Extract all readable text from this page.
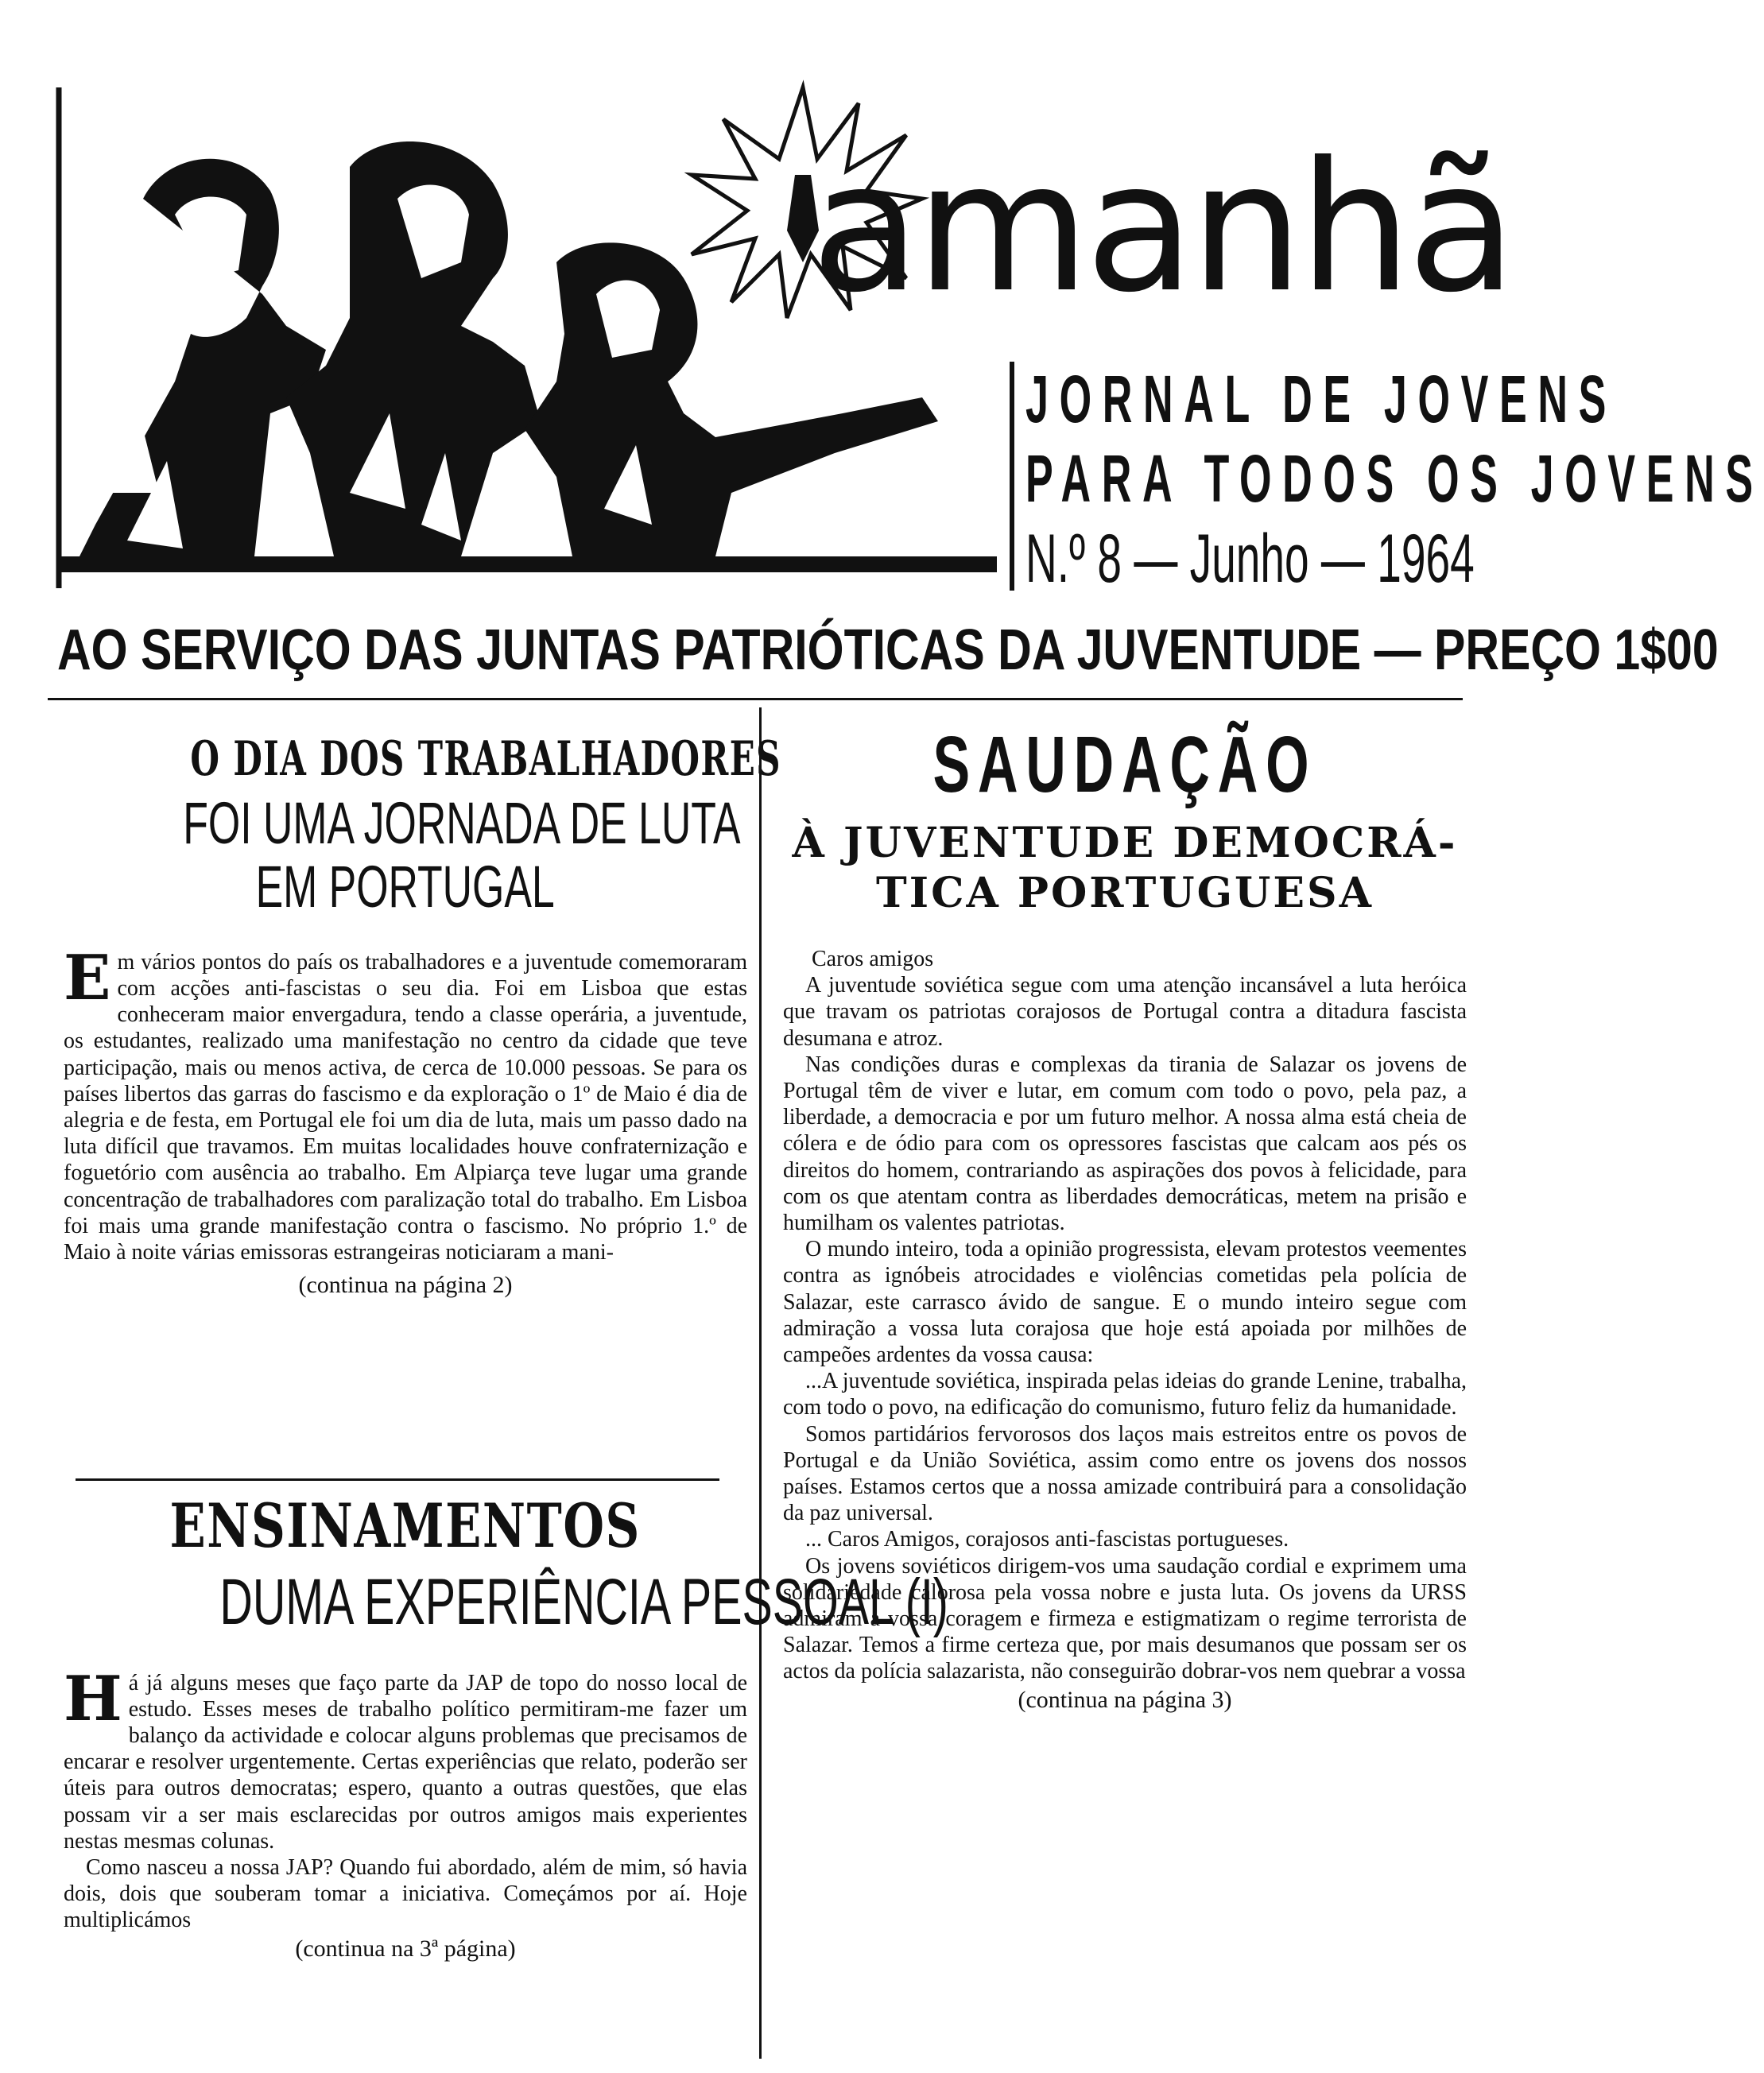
amanhã
JORNAL DE JOVENS
PARA TODOS OS JOVENS
N.º 8 — Junho — 1964
AO SERVIÇO DAS JUNTAS PATRIÓTICAS DA JUVENTUDE — PREÇO 1$00
O DIA DOS TRABALHADORES
FOI UMA JORNADA DE LUTA
EM PORTUGAL
E m vários pontos do país os trabalhadores e a juventude comemoraram com acções anti-fascistas o seu dia. Foi em Lisboa que estas conheceram maior envergadura, tendo a classe operária, a juventude, os estudantes, realizado uma manifestação no centro da cidade que teve participação, mais ou menos activa, de cerca de 10.000 pessoas. Se para os países libertos das garras do fascismo e da exploração o 1º de Maio é dia de alegria e de festa, em Portugal ele foi um dia de luta, mais um passo dado na luta difícil que travamos. Em muitas localidades houve confraternização e foguetório com ausência ao trabalho. Em Alpiarça teve lugar uma grande concentração de trabalhadores com paralização total do trabalho. Em Lisboa foi mais uma grande manifestação contra o fascismo. No próprio 1.º de Maio à noite várias emissoras estrangeiras noticiaram a mani-
(continua na página 2)
ENSINAMENTOS
DUMA EXPERIÊNCIA PESSOAL (I)

H á já alguns meses que faço parte da JAP de topo do nosso local de estudo. Esses meses de trabalho político permitiram-me fazer um balanço da actividade e colocar alguns problemas que precisamos de encarar e resolver urgentemente. Certas experiências que relato, poderão ser úteis para outros democratas; espero, quanto a outras questões, que elas possam vir a ser mais esclarecidas por outros amigos mais experientes nestas mesmas colunas.

Como nasceu a nossa JAP? Quando fui abordado, além de mim, só havia dois, dois que souberam tomar a iniciativa. Começámos por aí. Hoje multiplicámos

(continua na 3ª página)
SAUDAÇÃO
À JUVENTUDE DEMOCRÁ-
TICA PORTUGUESA

Caros amigos

A juventude soviética segue com uma atenção incansável a luta heróica que travam os patriotas corajosos de Portugal contra a ditadura fascista desumana e atroz.

Nas condições duras e complexas da tirania de Salazar os jovens de Portugal têm de viver e lutar, em comum com todo o povo, pela paz, a liberdade, a democracia e por um futuro melhor. A nossa alma está cheia de cólera e de ódio para com os opressores fascistas que calcam aos pés os direitos do homem, contrariando as aspirações dos povos à felicidade, para com os que atentam contra as liberdades democráticas, metem na prisão e humilham os valentes patriotas.

O mundo inteiro, toda a opinião progressista, elevam protestos veementes contra as ignóbeis atrocidades e violências cometidas pela polícia de Salazar, este carrasco ávido de sangue. E o mundo inteiro segue com admiração a vossa luta corajosa que hoje está apoiada por milhões de campeões ardentes da vossa causa:

...A juventude soviética, inspirada pelas ideias do grande Lenine, trabalha, com todo o povo, na edificação do comunismo, futuro feliz da humanidade.

Somos partidários fervorosos dos laços mais estreitos entre os povos de Portugal e da União Soviética, assim como entre os jovens dos nossos países. Estamos certos que a nossa amizade contribuirá para a consolidação da paz universal.

... Caros Amigos, corajosos anti-fascistas portugueses.

Os jovens soviéticos dirigem-vos uma saudação cordial e exprimem uma solidariedade calorosa pela vossa nobre e justa luta. Os jovens da URSS admiram a vossa coragem e firmeza e estigmatizam o regime terrorista de Salazar. Temos a firme certeza que, por mais desumanos que possam ser os actos da polícia salazarista, não conseguirão dobrar-vos nem quebrar a vossa

(continua na página 3)
